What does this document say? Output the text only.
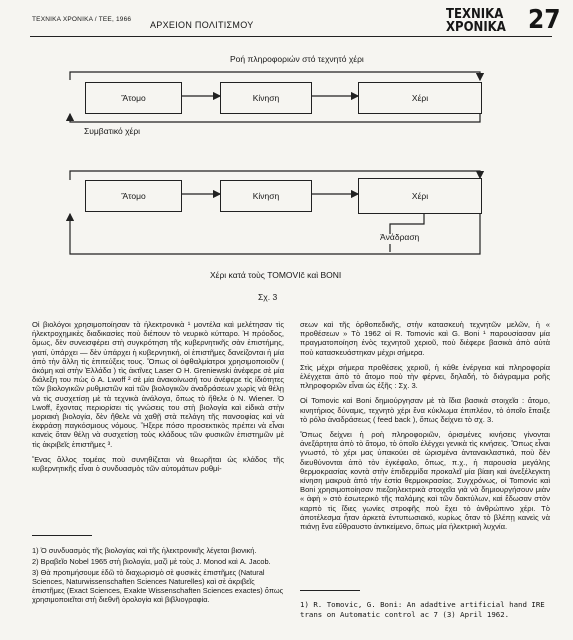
ΤΕΧΝΙΚΑ ΧΡΟΝΙΚΑ / ΤΕΕ, 1966
ΑΡΧΕΙΟΝ ΠΟΛΙΤΙΣΜΟΥ
ΤΕΧΝΙΚΑ
ΧΡΟΝΙΚΑ 27
Ροή πληροφοριών στό τεχνητό χέρι
Ἄτομο	Κίνηση	Χέρι
Συμβατικό χέρι
Ἄτομο	Κίνηση	Χέρι
Ἀνάδραση
Χέρι κατά τοὺς TOMOVIč καὶ BONI
Σχ. 3

Οἱ βιολόγοι χρησιμοποίησαν τὰ ἠλεκτρονικὰ ¹ μοντέλα καὶ μελέτησαν τὶς ἠλεκτροχημικὲς διαδικασίες ποὺ διέπουν τὸ νευρικὸ κύτταρο. Ἡ πρόοδος, ὅμως, δὲν συνεισφέρει στὴ συγκρότηση τῆς κυβερνητικῆς σὰν ἐπιστήμης, γιατί, ὑπάρχει — δὲν ὑπάρχει ἡ κυβερνητική, οἱ ἐπιστῆμες δανείζονται ἡ μία ἀπὸ τὴν ἄλλη τὶς ἐπιτεύξεις τους. Ὅπως οἱ ὀφθαλμίατροι χρησιμοποιοῦν ( ἀκόμη καὶ στὴν Ἑλλάδα ) τὶς ἀκτῖνες Laser Ο Η. Greniewski ἀνέφερε σὲ μία διάλεξη του πὼς ὁ A. Lwoff ² σὲ μία ἀνακοίνωσή του ἀνέφερε τὶς ἰδιότητες τῶν βιολογικῶν ρυθμιστῶν καὶ τῶν βιολογικῶν ἀναδράσεων χωρὶς νὰ θέλῃ νὰ τὶς συσχετίσῃ μὲ τὰ τεχνικὰ ἀνάλογα, ὅπως τὸ ἤθελε ὁ N. Wiener. Ὁ Lwoff, ἔχοντας περιορίσει τὶς γνώσεις του στὴ βιολογία καὶ εἰδικὰ στὴν μοριακὴ βιολογία, δὲν ἤθελε νὰ χαθῇ στὰ πελάγη τῆς πανσοφίας καὶ νὰ ἐκφράσῃ παγκόσμιους νόμους. Ἤξερε πόσο προσεκτικὸς πρέπει νὰ εἶναι κανεὶς ὅταν θέλῃ νὰ συσχετίσῃ τοὺς κλάδους τῶν φυσικῶν ἐπιστημῶν μὲ τὶς ἀκριβεῖς ἐπιστῆμες ³.

Ἕνας ἄλλος τομέας ποὺ συνηθίζεται νὰ θεωρῆται ὡς κλάδος τῆς κυβερνητικῆς εἶναι ὁ συνδυασμὸς τῶν αὐτομάτων ρυθμί-

σεων καὶ τῆς ὀρθοπεδικῆς, στὴν κατασκευὴ τεχνητῶν μελῶν, ἡ « προθέσεων » Τὸ 1962 οἱ R. Tomovic καὶ G. Boni ¹ παρουσίασαν μία πραγματοποίηση ἑνὸς τεχνητοῦ χεριοῦ, ποὺ διέφερε βασικὰ ἀπὸ αὐτὰ ποὺ κατασκευάστηκαν μέχρι σήμερα.

Στὶς μέχρι σήμερα προθέσεις χεριοῦ, ἡ κάθε ἐνέργεια καὶ πληροφορία ἐλέγχεται ἀπὸ τὸ ἄτομο ποὺ τὴν φέρνει, δηλαδή, τὸ διάγραμμα ροῆς πληροφοριῶν εἶναι ὡς ἑξῆς : Σχ. 3.

Οἱ Tomovic καὶ Boni δημιούργησαν μὲ τὰ ἴδια βασικὰ στοιχεῖα : ἄτομο, κινητήριος δύναμις, τεχνητὸ χέρι ἕνα κύκλωμα ἐπιπλέον, τὸ ὁποῖο ἔπαιξε τὸ ρόλο ἀναδράσεως ( feed back ), ὅπως δείχνει τὸ σχ. 3.

Ὅπως δείχνει ἡ ροὴ πληροφοριῶν, ὁρισμένες κινήσεις γίνονται ἀνεξάρτητα ἀπὸ τὸ ἄτομο, τὸ ὁποῖο ἐλέγχει γενικὰ τὶς κινήσεις. Ὅπως εἶναι γνωστό, τὸ χέρι μας ὑπακούει σὲ ὡρισμένα ἀντανακλαστικά, ποὺ δὲν διευθύνονται ἀπὸ τὸν ἐγκέφαλο, ὅπως, π.χ., ἡ παρουσία μεγάλης θερμοκρασίας κοντὰ στὴν ἐπιδερμίδα προκαλεῖ μία βίαιη καὶ ἀνεξέλεγκτη κίνηση μακρυὰ ἀπὸ τὴν ἑστία θερμοκρασίας. Συγχρόνως, οἱ Tomovic καὶ Boni χρησιμοποίησαν πιεζοηλεκτρικὰ στοιχεῖα γιὰ νὰ δημιουργήσουν μιὰν « ἀφὴ » στὸ ἐσωτερικὸ τῆς παλάμης καὶ τῶν δακτύλων, καὶ ἔδωσαν στὸν καρπὸ τὶς ἴδιες γωνίες στροφῆς ποὺ ἔχει τὸ ἀνθρώπινο χέρι. Τὸ ἀποτέλεσμα ἦταν ἀρκετὰ ἐντυπωσιακό, κυρίως ὅταν τὸ βλέπῃ κανεὶς νὰ πιάνῃ ἕνα εὔθραυστο ἀντικείμενο, ὅπως μία ἠλεκτρικὴ λυχνία.

1) Ὁ συνδυασμὸς τῆς βιολογίας καὶ τῆς ἠλεκτρονικῆς λέγεται βιονική.

2) Βραβεῖο Nobel 1965 στὴ βιολογία, μαζὶ μὲ τοὺς J. Monod καὶ A. Jacob.

3) Θὰ προτιμήσουμε ἐδῶ τὸ διαχωρισμὸ σὲ φυσικὲς ἐπιστῆμες (Natural Sciences, Naturwissenschaften Sciences Naturelles) καὶ σὲ ἀκριβεῖς ἐπιστῆμες (Exact Sciences, Exakte Wissenschaften Sciences exactes) ὅπως χρησιμοποιεῖται στὴ διεθνῆ ὁρολογία καὶ βιβλιογραφία.

1) R. Tomovic, G. Boni: An adadtive artificial hand IRE trans on Automatic control ac 7 (3) April 1962.
